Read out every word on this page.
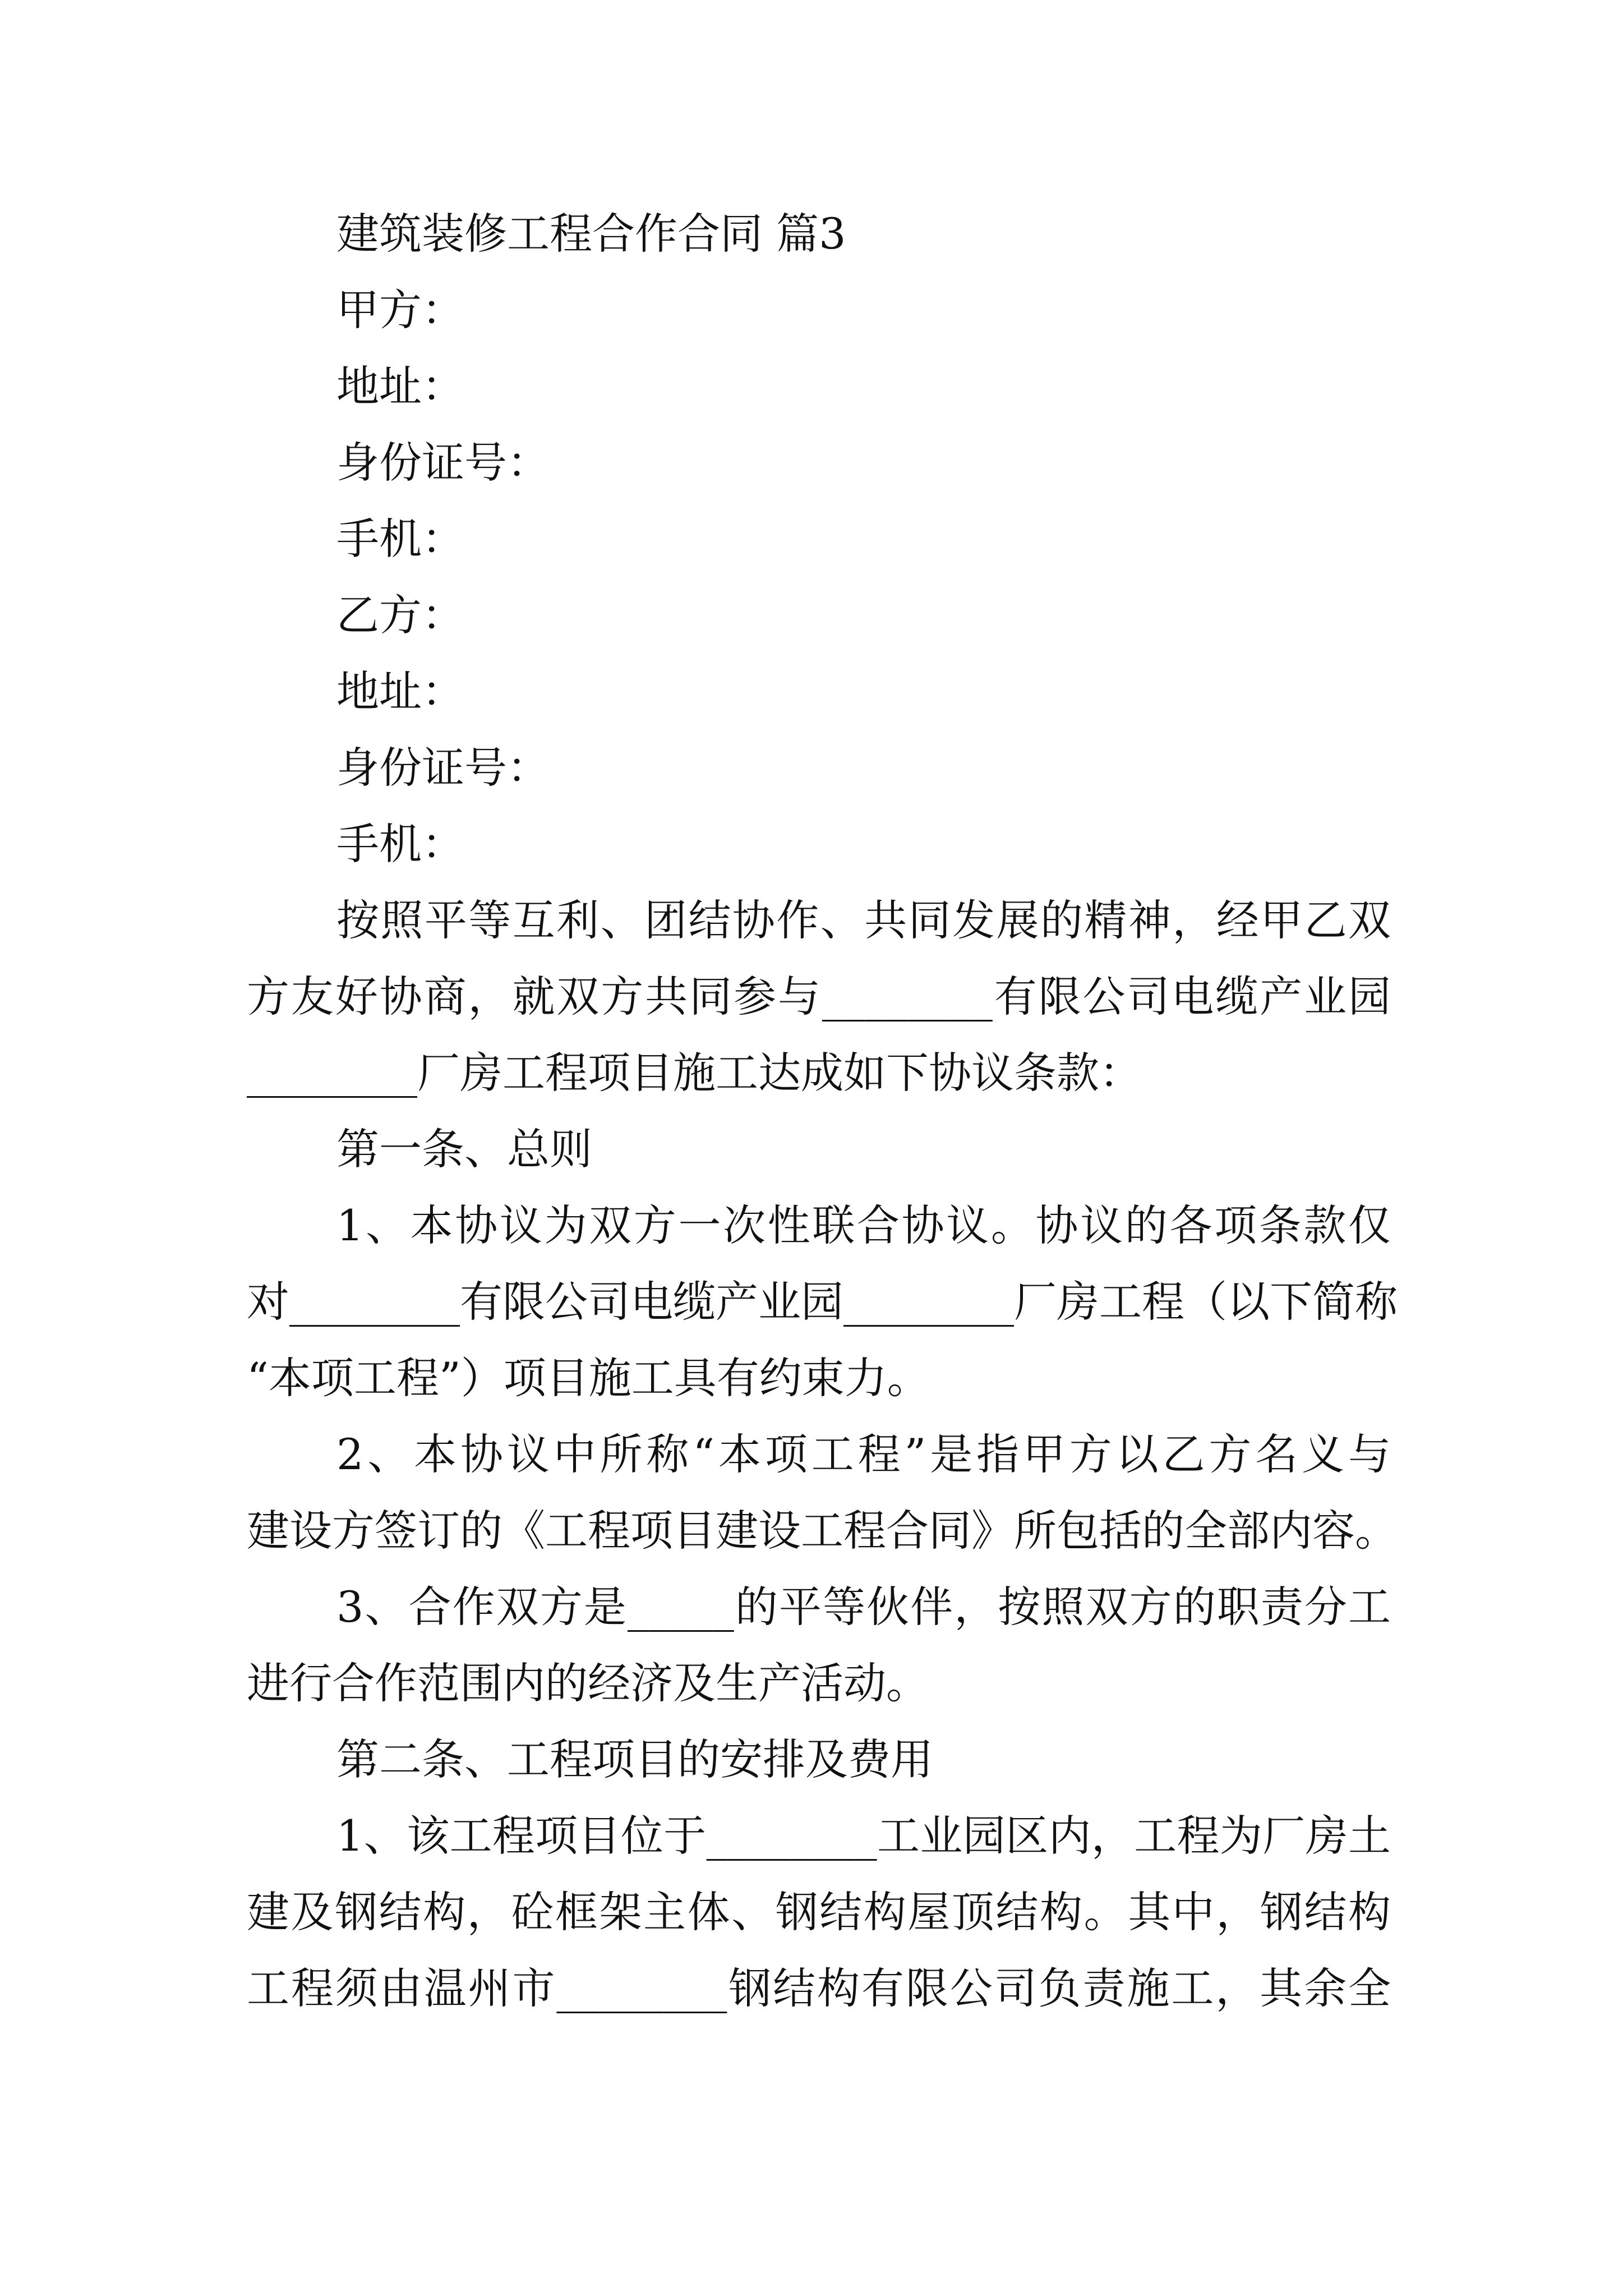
建筑装修工程合作合同 篇3
甲方：
地址：
身份证号：
手机：
乙方：
地址：
身份证号：
手机：
按照平等互利、团结协作、共同发展的精神，经甲乙双
方友好协商，就双方共同参与________有限公司电缆产业园
________厂房工程项目施工达成如下协议条款：
第一条、总则
1、本协议为双方一次性联合协议。协议的各项条款仅
对________有限公司电缆产业园________厂房工程（以下简称
“本项工程”）项目施工具有约束力。
2、本协议中所称“本项工程”是指甲方以乙方名义与
建设方签订的《工程项目建设工程合同》所包括的全部内容。
3、合作双方是_____的平等伙伴，按照双方的职责分工
进行合作范围内的经济及生产活动。
第二条、工程项目的安排及费用
1、该工程项目位于________工业园区内，工程为厂房土
建及钢结构，砼框架主体、钢结构屋顶结构。其中，钢结构
工程须由温州市________钢结构有限公司负责施工，其余全
